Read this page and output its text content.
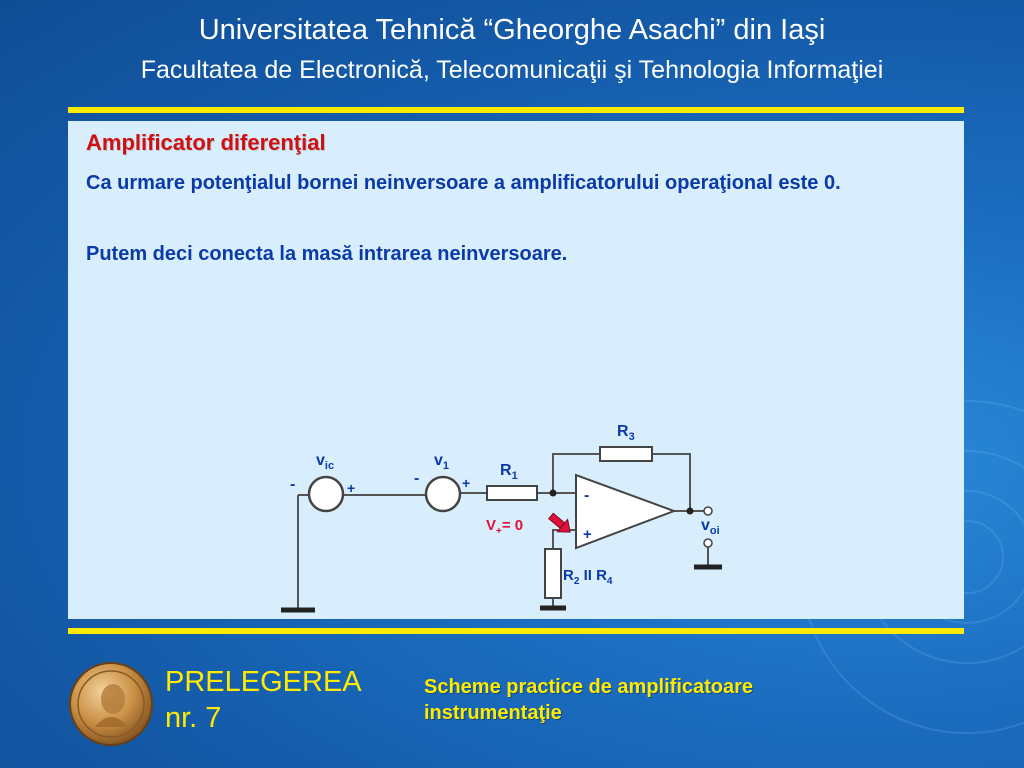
Universitatea Tehnică “Gheorghe Asachi” din Iaşi
Facultatea de Electronică, Telecomunicaţii şi Tehnologia Informaţiei
Amplificator diferenţial
Ca urmare potenţialul bornei neinversoare a amplificatorului operaţional este 0.
Putem deci conecta la masă intrarea neinversoare.
$v_{ic}$
-	+
$v_1$
-	+
$R_1$
$R_3$
-
+
$R_2$ II $R_4$
$v_{oi}$
$V_+= 0$
PRELEGEREA
nr. 7
Scheme practice de amplificatoare
instrumentaţie
